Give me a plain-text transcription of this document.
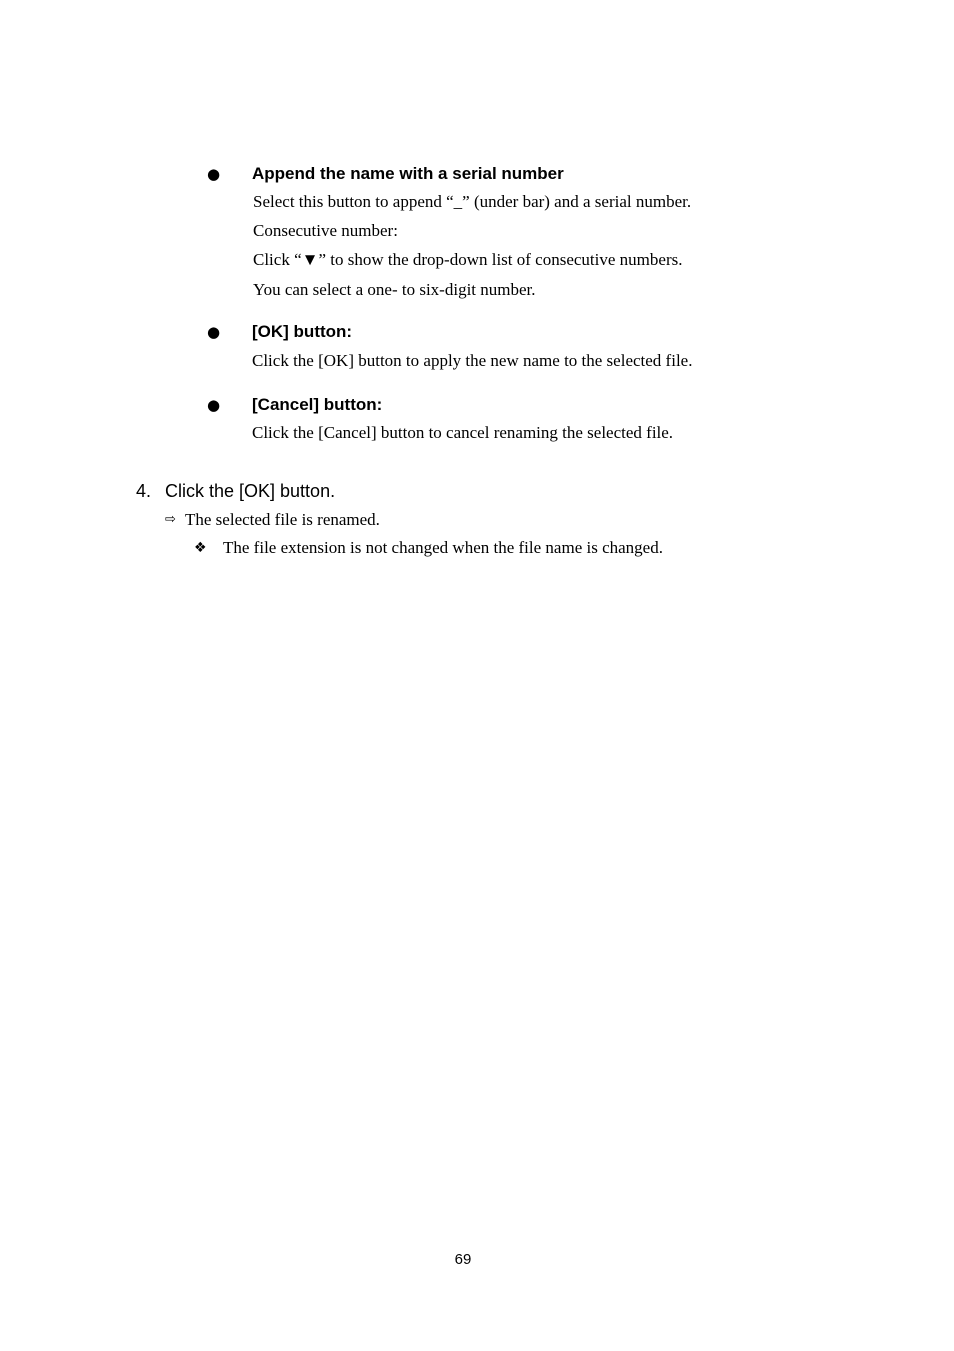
● Append the name with a serial number
Select this button to append “_” (under bar) and a serial number.
Consecutive number:
Click “▼” to show the drop-down list of consecutive numbers.
You can select a one- to six-digit number.
● [OK] button:
Click the [OK] button to apply the new name to the selected file.
● [Cancel] button:
Click the [Cancel] button to cancel renaming the selected file.
4. Click the [OK] button.
⇨ The selected file is renamed.
❖ The file extension is not changed when the file name is changed.
69
